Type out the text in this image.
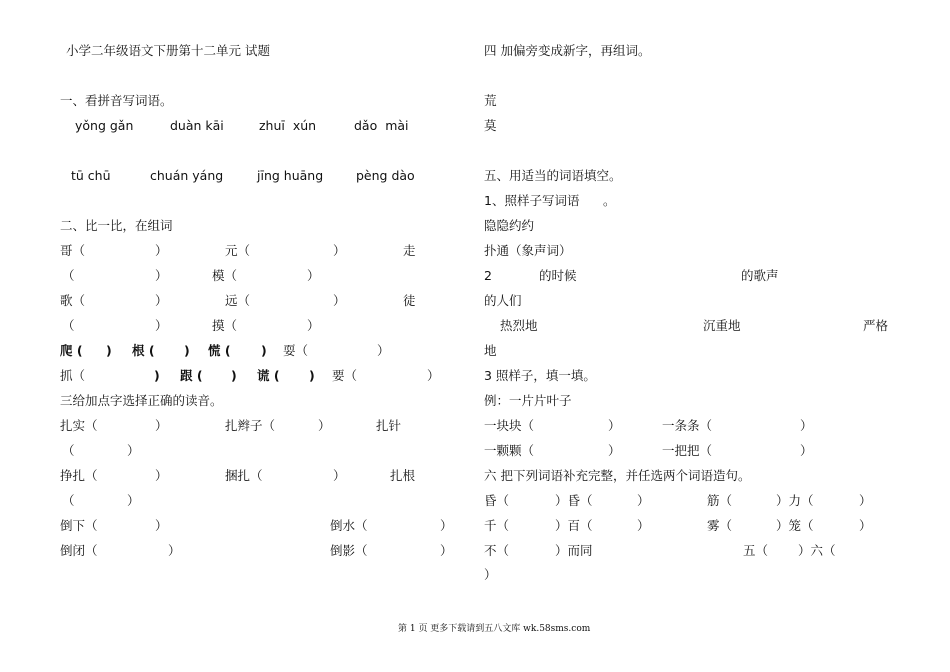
小学二年级语文下册第十二单元 试题
一、看拼音写词语。
yǒng gǎn	duàn kāi	zhuī  xún	dǎo  mài
tū chū	chuán yáng	jīng huāng	pèng dào
二、比一比，在组词
哥（	）	元（	）	走
（	）	模（	）
歌（	）	远（	）	徒
（	）	摸（	）
爬 ( ) 根 ( ) 慌 ( ) 耍（	）
抓（	) 跟 ( ) 谎 ( ) 要（	）
三给加点字选择正确的读音。
扎实（	）	扎辫子（	）	扎针
（	）
挣扎（	）	捆扎（	）	扎根
（	）
倒下（	）	倒水（	）
倒闭（	）	倒影（	）
四 加偏旁变成新字，再组词。
荒
莫
五、用适当的词语填空。
1、照样子写词语 。
隐隐约约
扑通（象声词）
2	的时候	的歌声
的人们
热烈地	沉重地	严格
地
3 照样子，填一填。
例：一片片叶子
一块块（	）	一条条（	）
一颗颗（	）	一把把（	）
六 把下列词语补充完整，并任选两个词语造句。
昏（	）昏（	）	筋（	）力（	）
千（	）百（	）	雾（	）笼（	）
不（	）而同	五（ ）六（
）
第 1 页 更多下载请到五八文库 wk.58sms.com
